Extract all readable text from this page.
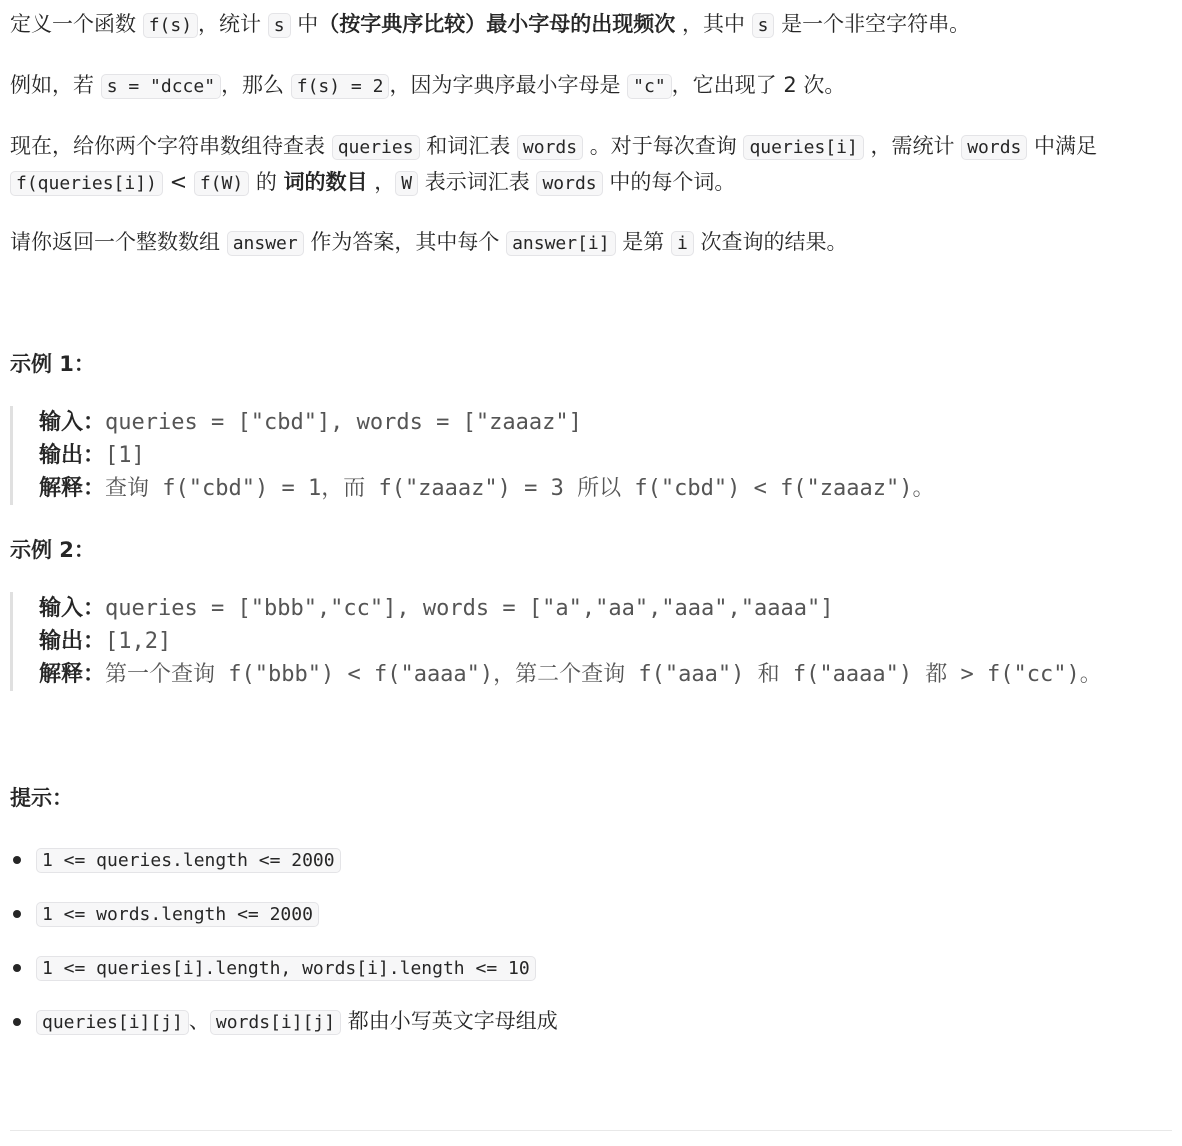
定义一个函数 f(s) ，统计 s 中（按字典序比较）最小字母的出现频次 ，其中 s 是一个非空字符串。

例如，若 s = "dcce" ，那么 f(s) = 2 ，因为字典序最小字母是 "c" ，它出现了 2 次。

现在，给你两个字符串数组待查表 queries 和词汇表 words 。对于每次查询 queries[i] ，需统计 words 中满足 f(queries[i]) < f(W) 的 词的数目 ， W 表示词汇表 words 中的每个词。

请你返回一个整数数组 answer 作为答案，其中每个 answer[i] 是第 i 次查询的结果。

示例 1：
输入：queries = ["cbd"], words = ["zaaaz"]
输出：[1]
解释：查询 f("cbd") = 1，而 f("zaaaz") = 3 所以 f("cbd") < f("zaaaz")。
示例 2：
输入：queries = ["bbb","cc"], words = ["a","aa","aaa","aaaa"]
输出：[1,2]
解释：第一个查询 f("bbb") < f("aaaa")，第二个查询 f("aaa") 和 f("aaaa") 都 > f("cc")。
提示：
1 <= queries.length <= 2000
1 <= words.length <= 2000
1 <= queries[i].length, words[i].length <= 10
queries[i][j] 、 words[i][j] 都由小写英文字母组成
